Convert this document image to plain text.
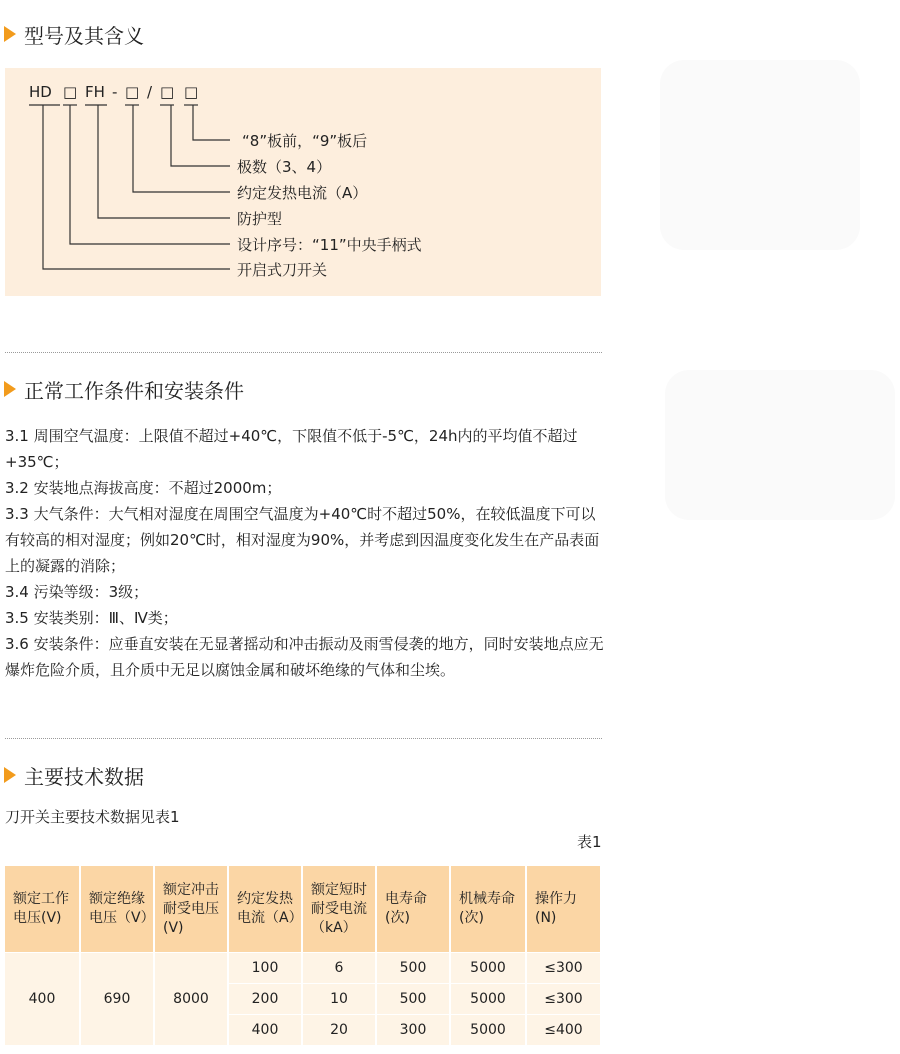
型号及其含义
HD □ FH - □ / □ □
“8”板前，“9”板后
极数（3、4）
约定发热电流（A）
防护型
设计序号：“11”中央手柄式
开启式刀开关
正常工作条件和安装条件

3.1 周围空气温度：上限值不超过+40℃，下限值不低于-5℃，24h内的平均值不超过+35℃；

3.2 安装地点海拔高度：不超过2000m；

3.3 大气条件：大气相对湿度在周围空气温度为+40℃时不超过50%，在较低温度下可以有较高的相对湿度；例如20℃时，相对湿度为90%，并考虑到因温度变化发生在产品表面上的凝露的消除；

3.4 污染等级：3级；

3.5 安装类别：Ⅲ、Ⅳ类；

3.6 安装条件：应垂直安装在无显著摇动和冲击振动及雨雪侵袭的地方，同时安装地点应无爆炸危险介质，且介质中无足以腐蚀金属和破坏绝缘的气体和尘埃。

主要技术数据
刀开关主要技术数据见表1
表1
额定工作电压(V)	额定绝缘电压（V）	额定冲击耐受电压(V)	约定发热电流（A）	额定短时耐受电流（kA）	电寿命(次)	机械寿命(次)	操作力(N)
400	690	8000	100	6	500	5000	≤300
			200	10	500	5000	≤300
			400	20	300	5000	≤400
